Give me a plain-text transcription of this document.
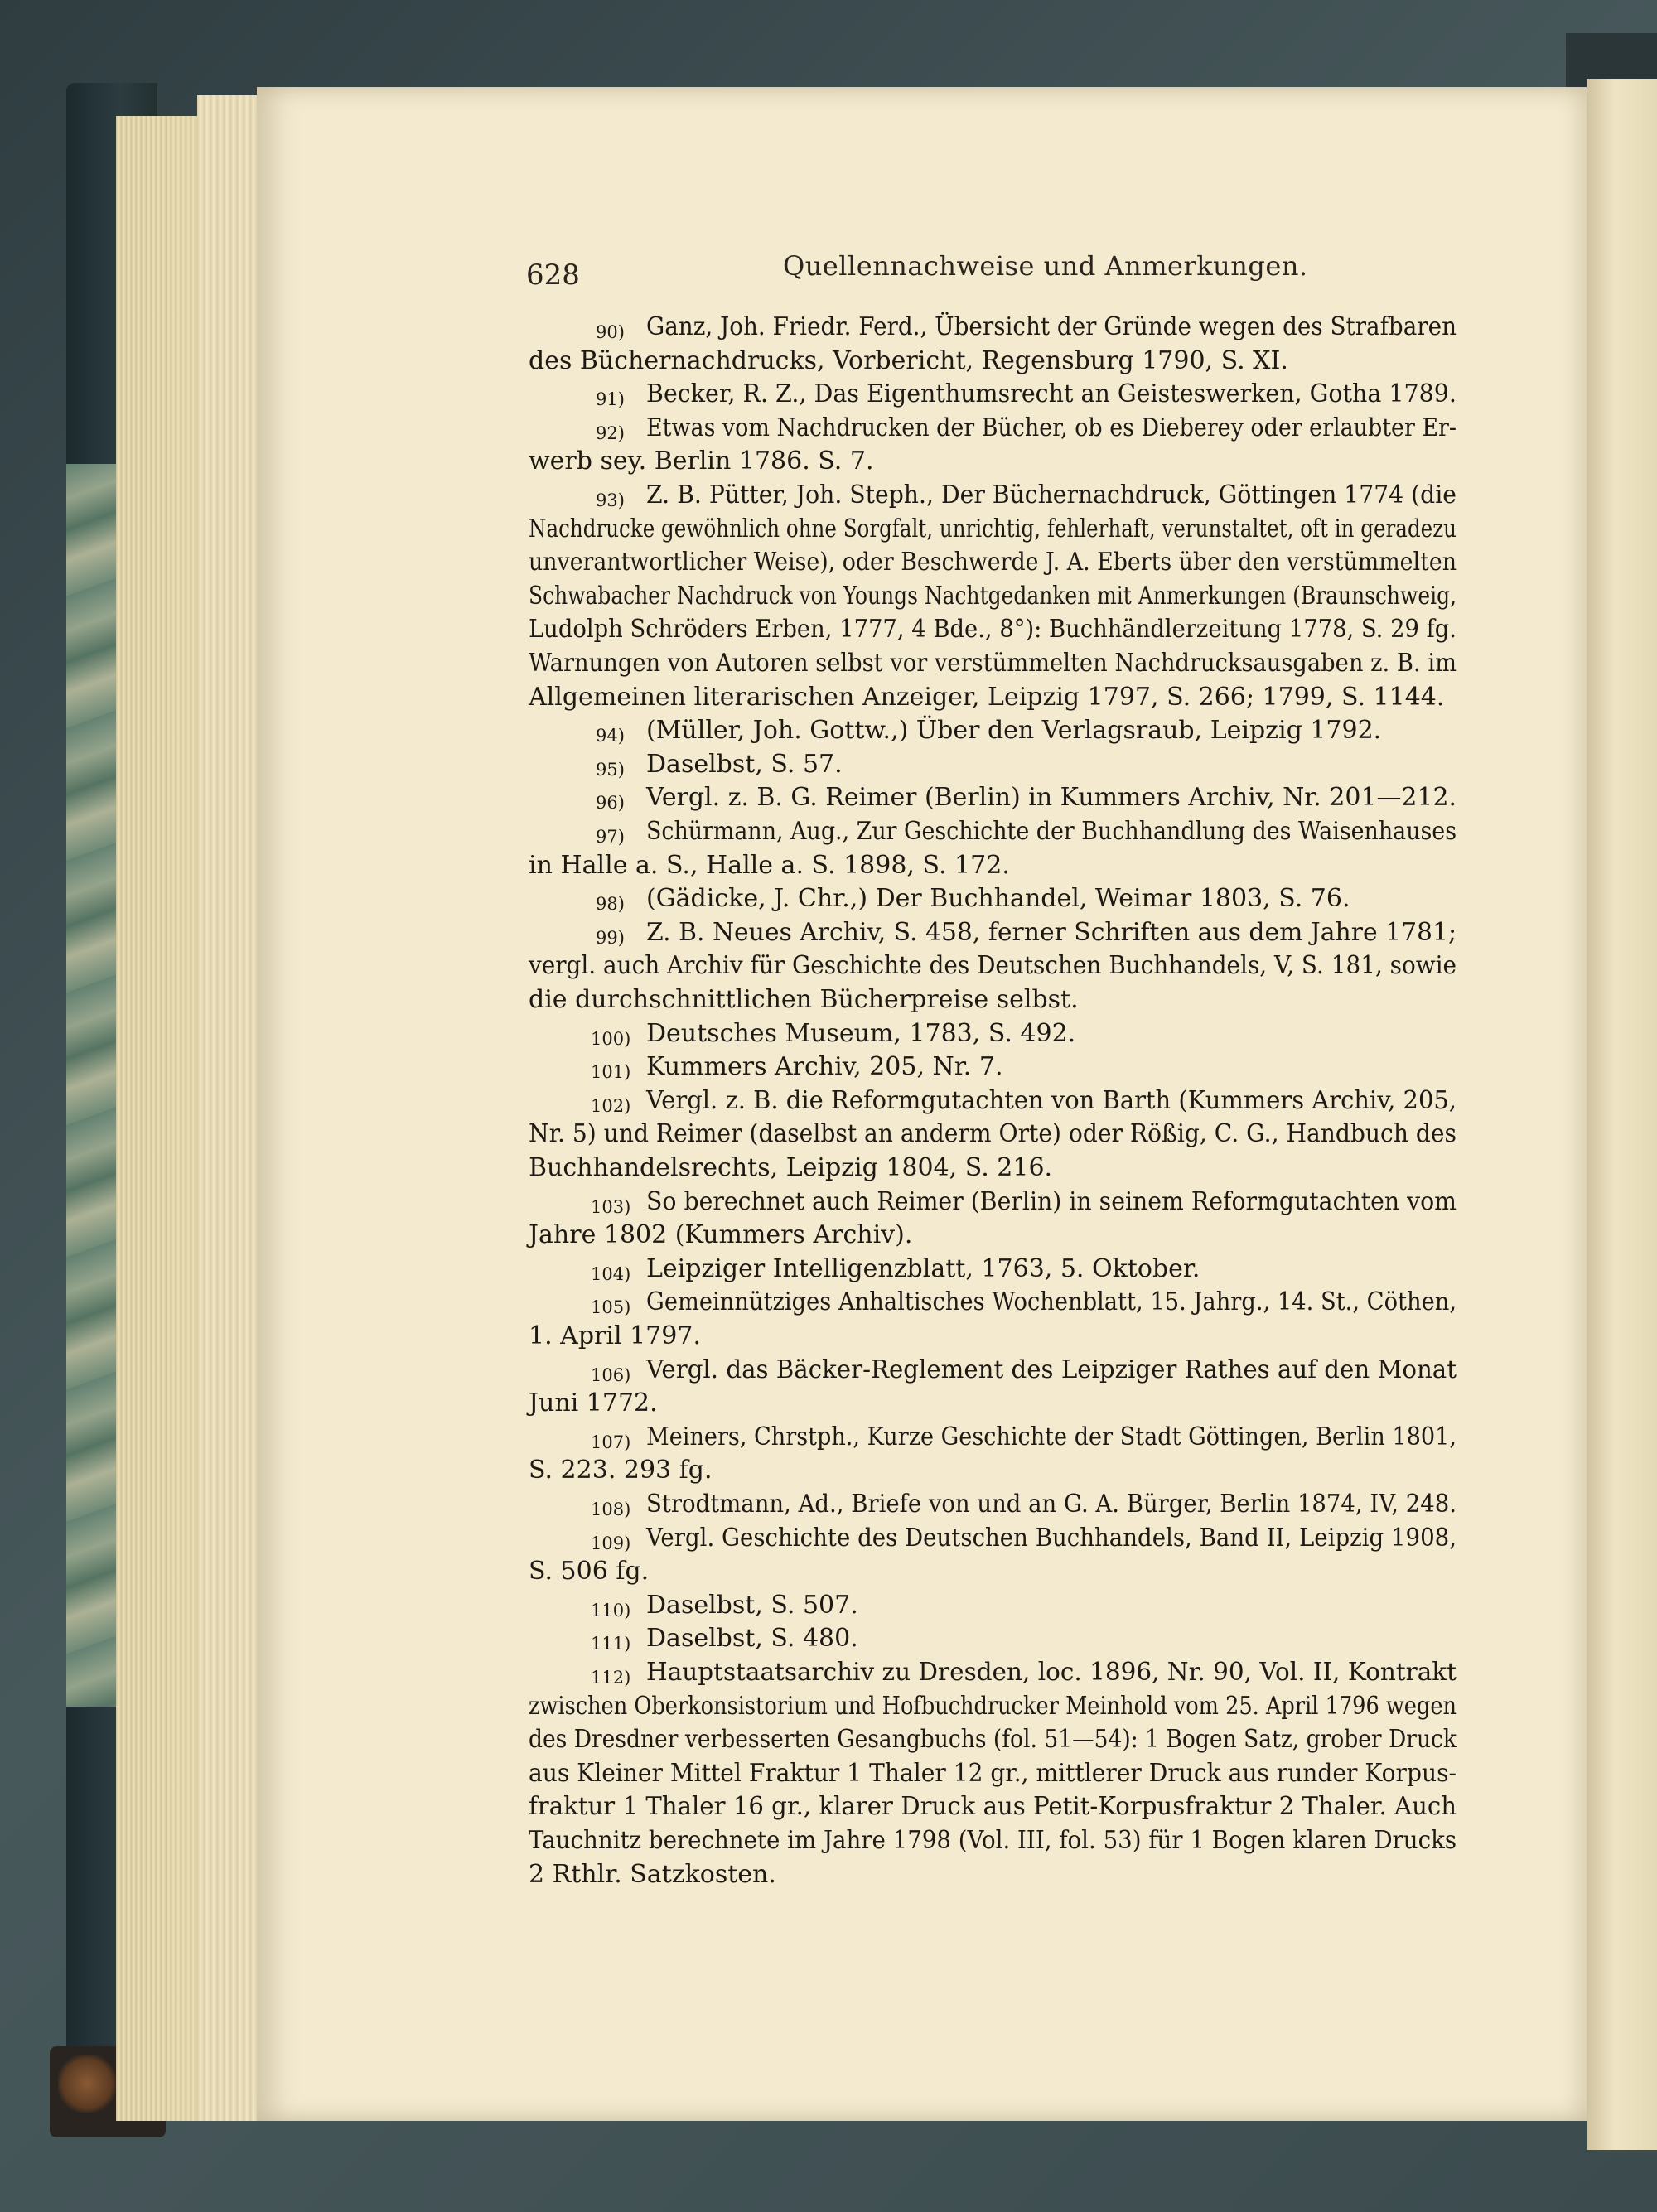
628	Quellennachweise und Anmerkungen.
90) Ganz, Joh. Friedr. Ferd., Übersicht der Gründe wegen des Strafbaren
des Büchernachdrucks, Vorbericht, Regensburg 1790, S. XI.
91) Becker, R. Z., Das Eigenthumsrecht an Geisteswerken, Gotha 1789.
92) Etwas vom Nachdrucken der Bücher, ob es Dieberey oder erlaubter Er-
werb sey. Berlin 1786. S. 7.
93) Z. B. Pütter, Joh. Steph., Der Büchernachdruck, Göttingen 1774 (die
Nachdrucke gewöhnlich ohne Sorgfalt, unrichtig, fehlerhaft, verunstaltet, oft in geradezu
unverantwortlicher Weise), oder Beschwerde J. A. Eberts über den verstümmelten
Schwabacher Nachdruck von Youngs Nachtgedanken mit Anmerkungen (Braunschweig,
Ludolph Schröders Erben, 1777, 4 Bde., 8°): Buchhändlerzeitung 1778, S. 29 fg.
Warnungen von Autoren selbst vor verstümmelten Nachdrucksausgaben z. B. im
Allgemeinen literarischen Anzeiger, Leipzig 1797, S. 266; 1799, S. 1144.
94) (Müller, Joh. Gottw.,) Über den Verlagsraub, Leipzig 1792.
95) Daselbst, S. 57.
96) Vergl. z. B. G. Reimer (Berlin) in Kummers Archiv, Nr. 201—212.
97) Schürmann, Aug., Zur Geschichte der Buchhandlung des Waisenhauses
in Halle a. S., Halle a. S. 1898, S. 172.
98) (Gädicke, J. Chr.,) Der Buchhandel, Weimar 1803, S. 76.
99) Z. B. Neues Archiv, S. 458, ferner Schriften aus dem Jahre 1781;
vergl. auch Archiv für Geschichte des Deutschen Buchhandels, V, S. 181, sowie
die durchschnittlichen Bücherpreise selbst.
100) Deutsches Museum, 1783, S. 492.
101) Kummers Archiv, 205, Nr. 7.
102) Vergl. z. B. die Reformgutachten von Barth (Kummers Archiv, 205,
Nr. 5) und Reimer (daselbst an anderm Orte) oder Rößig, C. G., Handbuch des
Buchhandelsrechts, Leipzig 1804, S. 216.
103) So berechnet auch Reimer (Berlin) in seinem Reformgutachten vom
Jahre 1802 (Kummers Archiv).
104) Leipziger Intelligenzblatt, 1763, 5. Oktober.
105) Gemeinnütziges Anhaltisches Wochenblatt, 15. Jahrg., 14. St., Cöthen,
1. April 1797.
106) Vergl. das Bäcker-Reglement des Leipziger Rathes auf den Monat
Juni 1772.
107) Meiners, Chrstph., Kurze Geschichte der Stadt Göttingen, Berlin 1801,
S. 223. 293 fg.
108) Strodtmann, Ad., Briefe von und an G. A. Bürger, Berlin 1874, IV, 248.
109) Vergl. Geschichte des Deutschen Buchhandels, Band II, Leipzig 1908,
S. 506 fg.
110) Daselbst, S. 507.
111) Daselbst, S. 480.
112) Hauptstaatsarchiv zu Dresden, loc. 1896, Nr. 90, Vol. II, Kontrakt
zwischen Oberkonsistorium und Hofbuchdrucker Meinhold vom 25. April 1796 wegen
des Dresdner verbesserten Gesangbuchs (fol. 51—54): 1 Bogen Satz, grober Druck
aus Kleiner Mittel Fraktur 1 Thaler 12 gr., mittlerer Druck aus runder Korpus-
fraktur 1 Thaler 16 gr., klarer Druck aus Petit-Korpusfraktur 2 Thaler. Auch
Tauchnitz berechnete im Jahre 1798 (Vol. III, fol. 53) für 1 Bogen klaren Drucks
2 Rthlr. Satzkosten.
